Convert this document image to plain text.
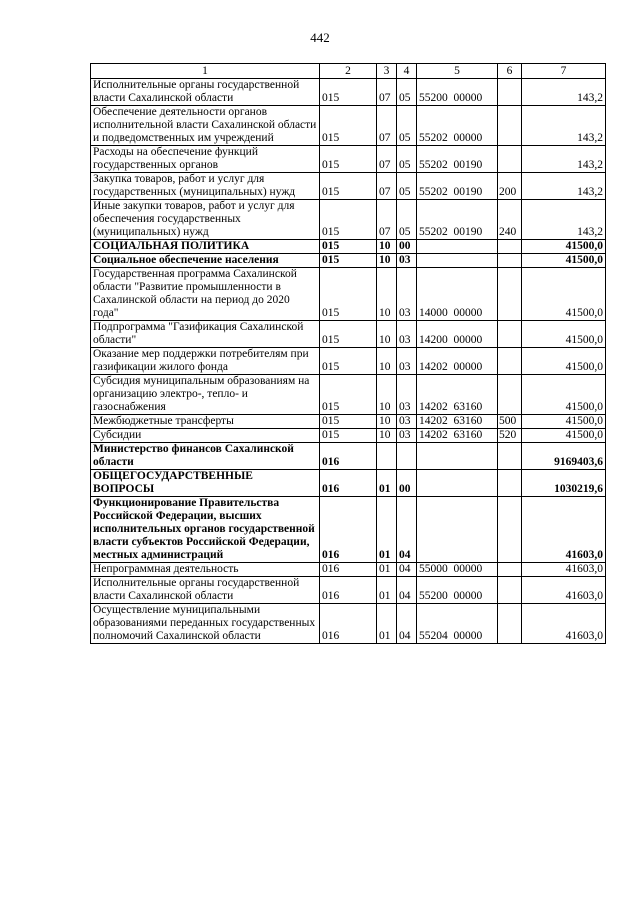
442
1	2	3	4	5	6	7
Исполнительные органы государственной власти Сахалинской области	015	07	05	55200  00000		143,2
Обеспечение деятельности органов исполнительной власти Сахалинской области и подведомственных им учреждений	015	07	05	55202  00000		143,2
Расходы на обеспечение функций государственных органов	015	07	05	55202  00190		143,2
Закупка товаров, работ и услуг для государственных (муниципальных) нужд	015	07	05	55202  00190	200	143,2
Иные закупки товаров, работ и услуг для обеспечения государственных (муниципальных) нужд	015	07	05	55202  00190	240	143,2
СОЦИАЛЬНАЯ ПОЛИТИКА	015	10	00			41500,0
Социальное обеспечение населения	015	10	03			41500,0
Государственная программа Сахалинской области "Развитие промышленности в Сахалинской области на период до 2020 года"	015	10	03	14000  00000		41500,0
Подпрограмма "Газификация Сахалинской области"	015	10	03	14200  00000		41500,0
Оказание мер поддержки потребителям при газификации жилого фонда	015	10	03	14202  00000		41500,0
Субсидия муниципальным образованиям на организацию электро-, тепло- и газоснабжения	015	10	03	14202  63160		41500,0
Межбюджетные трансферты	015	10	03	14202  63160	500	41500,0
Субсидии	015	10	03	14202  63160	520	41500,0
Министерство финансов Сахалинской области	016					9169403,6
ОБЩЕГОСУДАРСТВЕННЫЕ ВОПРОСЫ	016	01	00			1030219,6
Функционирование Правительства Российской Федерации, высших исполнительных органов государственной власти субъектов Российской Федерации, местных администраций	016	01	04			41603,0
Непрограммная деятельность	016	01	04	55000  00000		41603,0
Исполнительные органы государственной власти Сахалинской области	016	01	04	55200  00000		41603,0
Осуществление муниципальными образованиями переданных государственных полномочий Сахалинской области	016	01	04	55204  00000		41603,0
